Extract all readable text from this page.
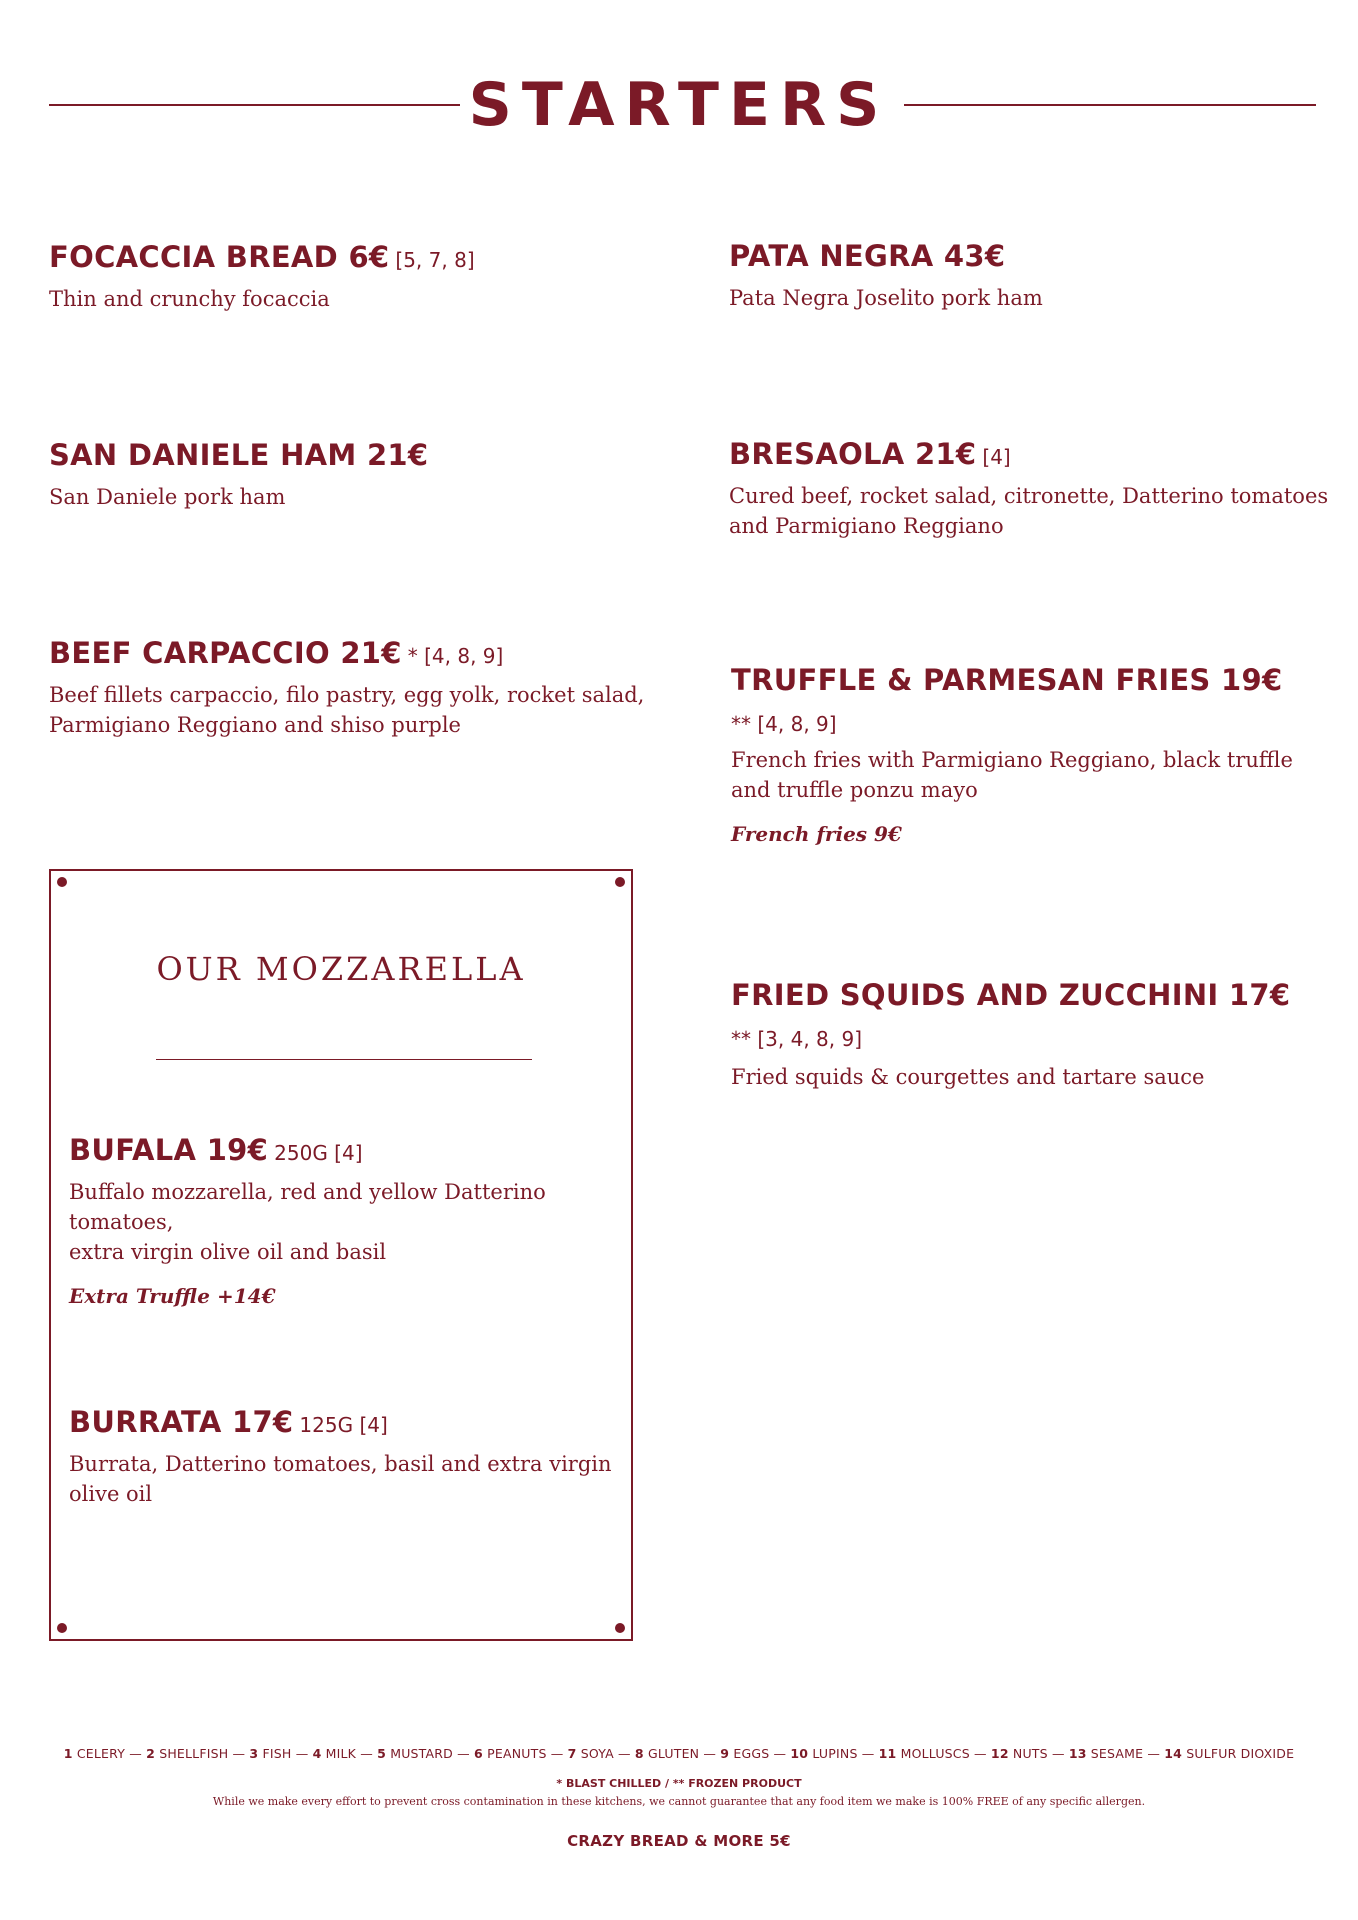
STARTERS
FOCACCIA BREAD 6€ [5, 7, 8]
Thin and crunchy focaccia
SAN DANIELE HAM 21€
San Daniele pork ham
BEEF CARPACCIO 21€ * [4, 8, 9]
Beef fillets carpaccio, filo pastry, egg yolk, rocket salad,
Parmigiano Reggiano and shiso purple
PATA NEGRA 43€
Pata Negra Joselito pork ham
BRESAOLA 21€ [4]
Cured beef, rocket salad, citronette, Datterino tomatoes
and Parmigiano Reggiano
TRUFFLE & PARMESAN FRIES 19€
** [4, 8, 9]
French fries with Parmigiano Reggiano, black truffle
and truffle ponzu mayo
French fries 9€
FRIED SQUIDS AND ZUCCHINI 17€
** [3, 4, 8, 9]
Fried squids & courgettes and tartare sauce
OUR MOZZARELLA
BUFALA 19€ 250G [4]
Buffalo mozzarella, red and yellow Datterino tomatoes,
extra virgin olive oil and basil
Extra Truffle +14€
BURRATA 17€ 125G [4]
Burrata, Datterino tomatoes, basil and extra virgin
olive oil
1 CELERY — 2 SHELLFISH — 3 FISH — 4 MILK — 5 MUSTARD — 6 PEANUTS — 7 SOYA — 8 GLUTEN — 9 EGGS — 10 LUPINS — 11 MOLLUSCS — 12 NUTS — 13 SESAME — 14 SULFUR DIOXIDE
* BLAST CHILLED / ** FROZEN PRODUCT
While we make every effort to prevent cross contamination in these kitchens, we cannot guarantee that any food item we make is 100% FREE of any specific allergen.
CRAZY BREAD & MORE 5€
